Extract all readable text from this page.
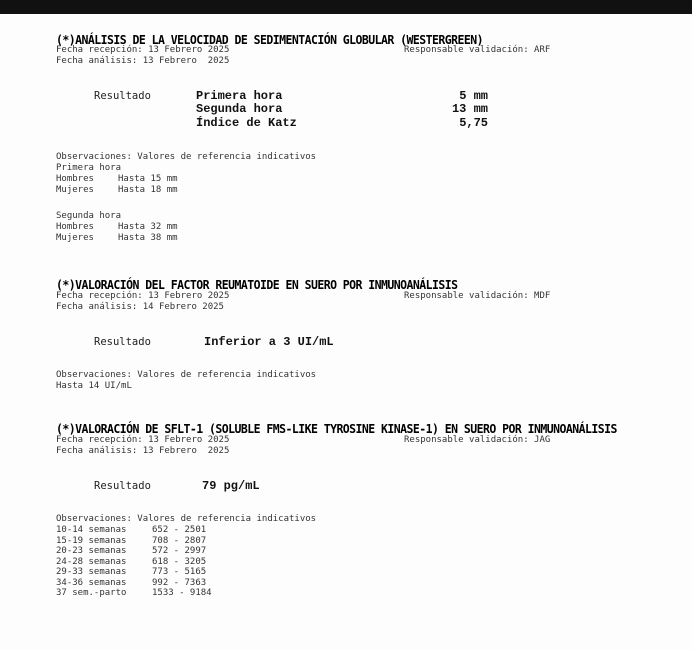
(*)ANÁLISIS DE LA VELOCIDAD DE SEDIMENTACIÓN GLOBULAR (WESTERGREEN)
Fecha recepción: 13 Febrero 2025	Responsable validación: ARF
Fecha análisis: 13 Febrero  2025
Resultado	Primera hora	5 mm
Segunda hora	13 mm
Índice de Katz	5,75
Observaciones: Valores de referencia indicativos
Primera hora
Hombres	Hasta 15 mm
Mujeres	Hasta 18 mm
Segunda hora
Hombres	Hasta 32 mm
Mujeres	Hasta 38 mm
(*)VALORACIÓN DEL FACTOR REUMATOIDE EN SUERO POR INMUNOANÁLISIS
Fecha recepción: 13 Febrero 2025	Responsable validación: MDF
Fecha análisis: 14 Febrero 2025
Resultado	Inferior a 3 UI/mL
Observaciones: Valores de referencia indicativos
Hasta 14 UI/mL
(*)VALORACIÓN DE SFLT-1 (SOLUBLE FMS-LIKE TYROSINE KINASE-1) EN SUERO POR INMUNOANÁLISIS
Fecha recepción: 13 Febrero 2025	Responsable validación: JAG
Fecha análisis: 13 Febrero  2025
Resultado	79 pg/mL
Observaciones: Valores de referencia indicativos
10-14 semanas	652 - 2501
15-19 semanas	708 - 2807
20-23 semanas	572 - 2997
24-28 semanas	618 - 3205
29-33 semanas	773 - 5165
34-36 semanas	992 - 7363
37 sem.-parto	1533 - 9184
